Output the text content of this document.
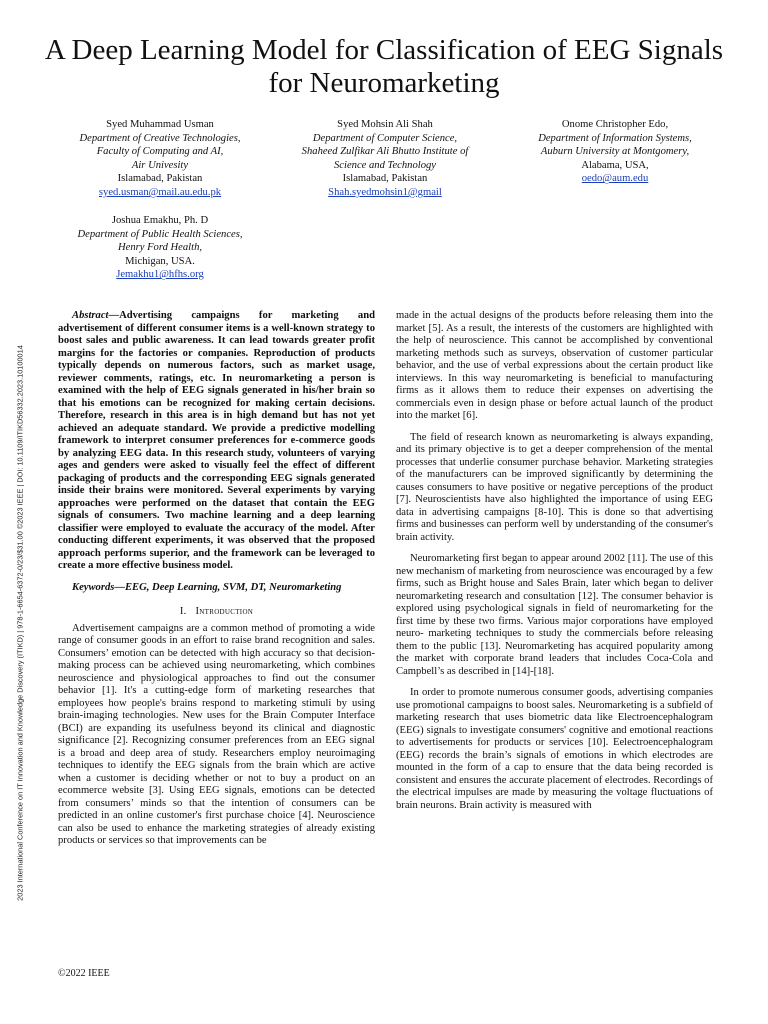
A Deep Learning Model for Classification of EEG Signals for Neuromarketing
Syed Muhammad Usman
Department of Creative Technologies,
Faculty of Computing and AI,
Air Univesity
Islamabad, Pakistan
syed.usman@mail.au.edu.pk
Syed Mohsin Ali Shah
Department of Computer Science,
Shaheed Zulfikar Ali Bhutto Institute of
Science and Technology
Islamabad, Pakistan
Shah.syedmohsin1@gmail
Onome Christopher Edo,
Department of Information Systems,
Auburn University at Montgomery,
Alabama, USA,
oedo@aum.edu
Joshua Emakhu, Ph. D
Department of Public Health Sciences,
Henry Ford Health,
Michigan, USA.
Jemakhu1@hfhs.org
2023 International Conference on IT Innovation and Knowledge Discovery (ITIKD) | 978-1-6654-6372-0/23/$31.00 ©2023 IEEE | DOI: 10.1109/ITIKD56332.2023.10100014

Abstract—Advertising campaigns for marketing and advertisement of different consumer items is a well-known strategy to boost sales and public awareness. It can lead towards greater profit margins for the factories or companies. Reproduction of products typically depends on numerous factors, such as market usage, reviewer comments, ratings, etc. In neuromarketing a person is examined with the help of EEG signals generated in his/her brain so that his emotions can be recognized for making certain decisions. Therefore, research in this area is in high demand but has not yet achieved an adequate standard. We provide a predictive modelling framework to interpret consumer preferences for e-commerce goods by analyzing EEG data. In this research study, volunteers of varying ages and genders were asked to visually feel the effect of different packaging of products and the corresponding EEG signals generated inside their brains were monitored. Several experiments by varying approaches were performed on the dataset that contain the EEG signals of consumers. Two machine learning and a deep learning classifier were employed to evaluate the accuracy of the model. After conducting different experiments, it was observed that the proposed approach performs superior, and the framework can be leveraged to create a more effective business model.

Keywords—EEG, Deep Learning, SVM, DT, Neuromarketing

I. Introduction

Advertisement campaigns are a common method of promoting a wide range of consumer goods in an effort to raise brand recognition and sales. Consumers’ emotion can be detected with high accuracy so that decision-making process can be achieved using neuromarketing, which combines neuroscience and physiological approaches to find out the consumer behavior [1]. It's a cutting-edge form of marketing researches that employees how people's brains respond to marketing stimuli by using brain-imaging technologies. New uses for the Brain Computer Interface (BCI) are expanding its usefulness beyond its clinical and diagnostic significance [2]. Recognizing consumer preferences from an EEG signal is a broad and deep area of study. Researchers employ neuroimaging techniques to identify the EEG signals from the brain which are active when a customer is deciding whether or not to buy a product on an ecommerce website [3]. Using EEG signals, emotions can be detected from consumers’ minds so that the intention of consumers can be predicted in an online customer's first purchase choice [4]. Neuroscience can also be used to enhance the marketing strategies of already existing products or services so that improvements can be

made in the actual designs of the products before releasing them into the market [5]. As a result, the interests of the customers are highlighted with the help of neuroscience. This cannot be accomplished by conventional marketing methods such as surveys, observation of customer particular behavior, and the use of verbal expressions about the certain product like interviews. In this way neuromarketing is beneficial to manufacturing firms as it allows them to reduce their expenses on advertising the commercials even in design phase or before actual launch of the product into the market [6].

The field of research known as neuromarketing is always expanding, and its primary objective is to get a deeper comprehension of the mental processes that underlie consumer purchase behavior. Marketing strategies of the manufacturers can be improved significantly by determining the causes consumers to have positive or negative perceptions of the product [7]. Neuroscientists have also highlighted the importance of using EEG data in advertising campaigns [8-10]. This is done so that advertising firms and businesses can perform well by understanding of the consumer's brain activity.

Neuromarketing first began to appear around 2002 [11]. The use of this new mechanism of marketing from neuroscience was encouraged by a few firms, such as Bright house and Sales Brain, later which began to deliver neuromarketing research and consultation [12]. The consumer behavior is explored using psychological signals in field of neuromarketing for the first time by these two firms. Various major corporations have employed neuro- marketing techniques to study the commercials before releasing them to the public [13]. Neuromarketing has acquired popularity among the market with corporate brand leaders that includes Coca-Cola and Campbell’s as described in [14]-[18].

In order to promote numerous consumer goods, advertising companies use promotional campaigns to boost sales. Neuromarketing is a subfield of marketing research that uses biometric data like Electroencephalogram (EEG) signals to investigate consumers' cognitive and emotional reactions to advertisements for products or services [10]. Eelectroencephalogram (EEG) records the brain’s signals of emotions in which electrodes are mounted in the form of a cap to ensure that the data being recorded is consistent and ensures the accurate placement of electrodes. Recordings of the electrical impulses are made by measuring the voltage fluctuations of brain neurons. Brain activity is measured with

©2022 IEEE
